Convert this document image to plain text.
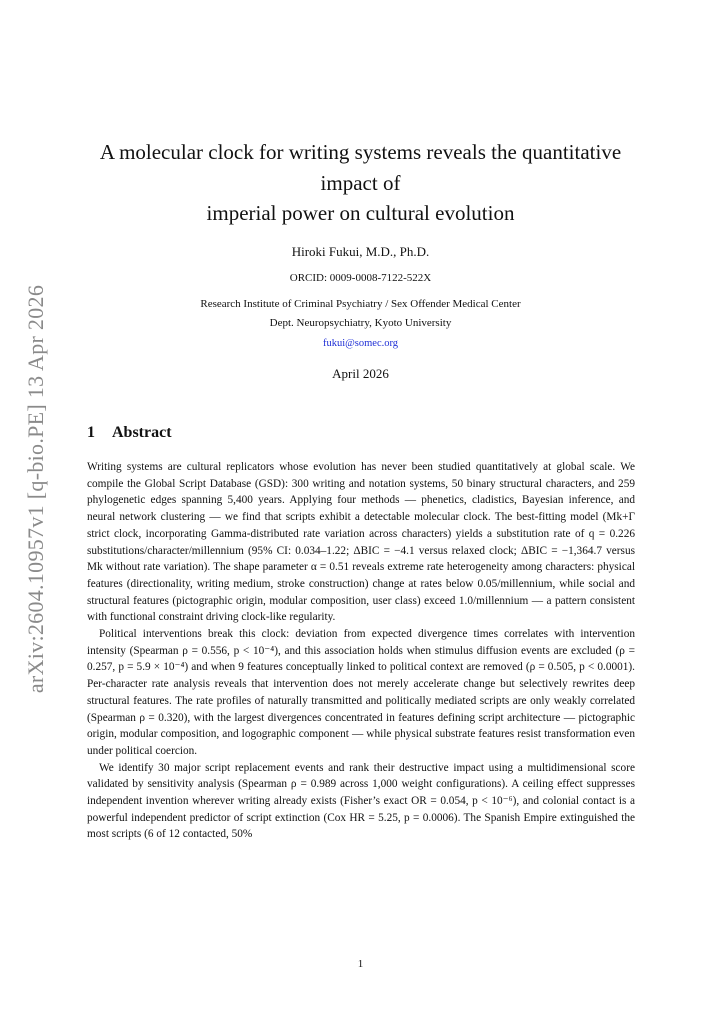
arXiv:2604.10957v1 [q-bio.PE] 13 Apr 2026
A molecular clock for writing systems reveals the quantitative
impact of
imperial power on cultural evolution
Hiroki Fukui, M.D., Ph.D.
ORCID: 0009-0008-7122-522X
Research Institute of Criminal Psychiatry / Sex Offender Medical Center
Dept. Neuropsychiatry, Kyoto University
fukui@somec.org
April 2026
1 Abstract

Writing systems are cultural replicators whose evolution has never been studied quantitatively at global scale. We compile the Global Script Database (GSD): 300 writing and notation systems, 50 binary structural characters, and 259 phylogenetic edges spanning 5,400 years. Applying four methods — phenetics, cladistics, Bayesian inference, and neural network clustering — we find that scripts exhibit a detectable molecular clock. The best-fitting model (Mk+Γ strict clock, incorporating Gamma-distributed rate variation across characters) yields a substitution rate of q = 0.226 substitutions/character/millennium (95% CI: 0.034–1.22; ΔBIC = −4.1 versus relaxed clock; ΔBIC = −1,364.7 versus Mk without rate variation). The shape parameter α = 0.51 reveals extreme rate heterogeneity among characters: physical features (directionality, writing medium, stroke construction) change at rates below 0.05/millennium, while social and structural features (pictographic origin, modular composition, user class) exceed 1.0/millennium — a pattern consistent with functional constraint driving clock-like regularity.

Political interventions break this clock: deviation from expected divergence times correlates with intervention intensity (Spearman ρ = 0.556, p < 10⁻⁴), and this association holds when stimulus diffusion events are excluded (ρ = 0.257, p = 5.9 × 10⁻⁴) and when 9 features conceptually linked to political context are removed (ρ = 0.505, p < 0.0001). Per-character rate analysis reveals that intervention does not merely accelerate change but selectively rewrites deep structural features. The rate profiles of naturally transmitted and politically mediated scripts are only weakly correlated (Spearman ρ = 0.320), with the largest divergences concentrated in features defining script architecture — pictographic origin, modular composition, and logographic component — while physical substrate features resist transformation even under political coercion.

We identify 30 major script replacement events and rank their destructive impact using a multidimensional score validated by sensitivity analysis (Spearman ρ = 0.989 across 1,000 weight configurations). A ceiling effect suppresses independent invention wherever writing already exists (Fisher’s exact OR = 0.054, p < 10⁻⁶), and colonial contact is a powerful independent predictor of script extinction (Cox HR = 5.25, p = 0.0006). The Spanish Empire extinguished the most scripts (6 of 12 contacted, 50%

1
